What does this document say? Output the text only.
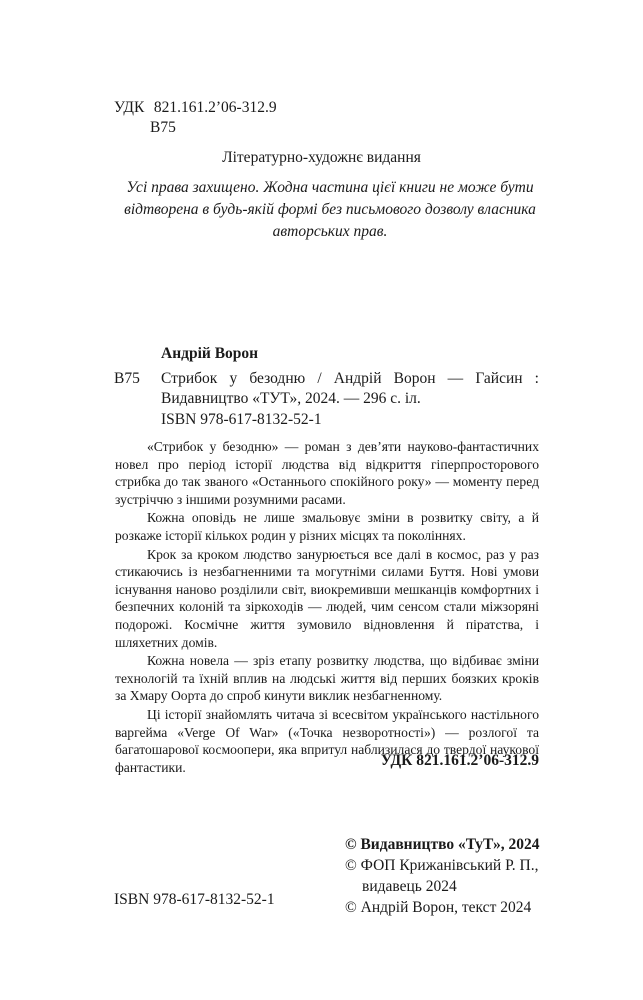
УДК 821.161.2’06-312.9
В75
Літературно-художнє видання
Усі права захищено. Жодна частина цієї книги не може бути відтворена в будь-якій формі без письмового дозволу власника авторських прав.
Андрій Ворон
В75 Стрибок у безодню / Андрій Ворон — Гайсин : Видавництво «ТУТ», 2024. — 296 с. іл.
ISBN 978-617-8132-52-1

«Стрибок у безодню» — роман з дев’яти науково-фантастичних новел про період історії людства від відкриття гіперпросторового стрибка до так званого «Останнього спокійного року» — моменту перед зустріччю з іншими розумними расами.

Кожна оповідь не лише змальовує зміни в розвитку світу, а й розкаже історії кількох родин у різних місцях та поколіннях.

Крок за кроком людство занурюється все далі в космос, раз у раз стикаючись із незбагненними та могутніми силами Буття. Нові умови існування наново розділили світ, виокремивши мешканців комфортних і безпечних колоній та зіркоходів — людей, чим сенсом стали міжзоряні подорожі. Космічне життя зумовило відновлення й піратства, і шляхетних домів.

Кожна новела — зріз етапу розвитку людства, що відбиває зміни технологій та їхній вплив на людські життя від перших боязких кроків за Хмару Оорта до спроб кинути виклик незбагненному.

Ці історії знайомлять читача зі всесвітом українського настільного варгейма «Verge Of War» («Точка незворотності») — розлогої та багатошарової космоопери, яка впритул наблизилася до твердої наукової фантастики.	УДК 821.161.2’06-312.9
© Видавництво «ТуТ», 2024
© ФОП Крижанівський Р. П.,
видавець 2024
© Андрій Ворон, текст 2024
ISBN 978-617-8132-52-1
